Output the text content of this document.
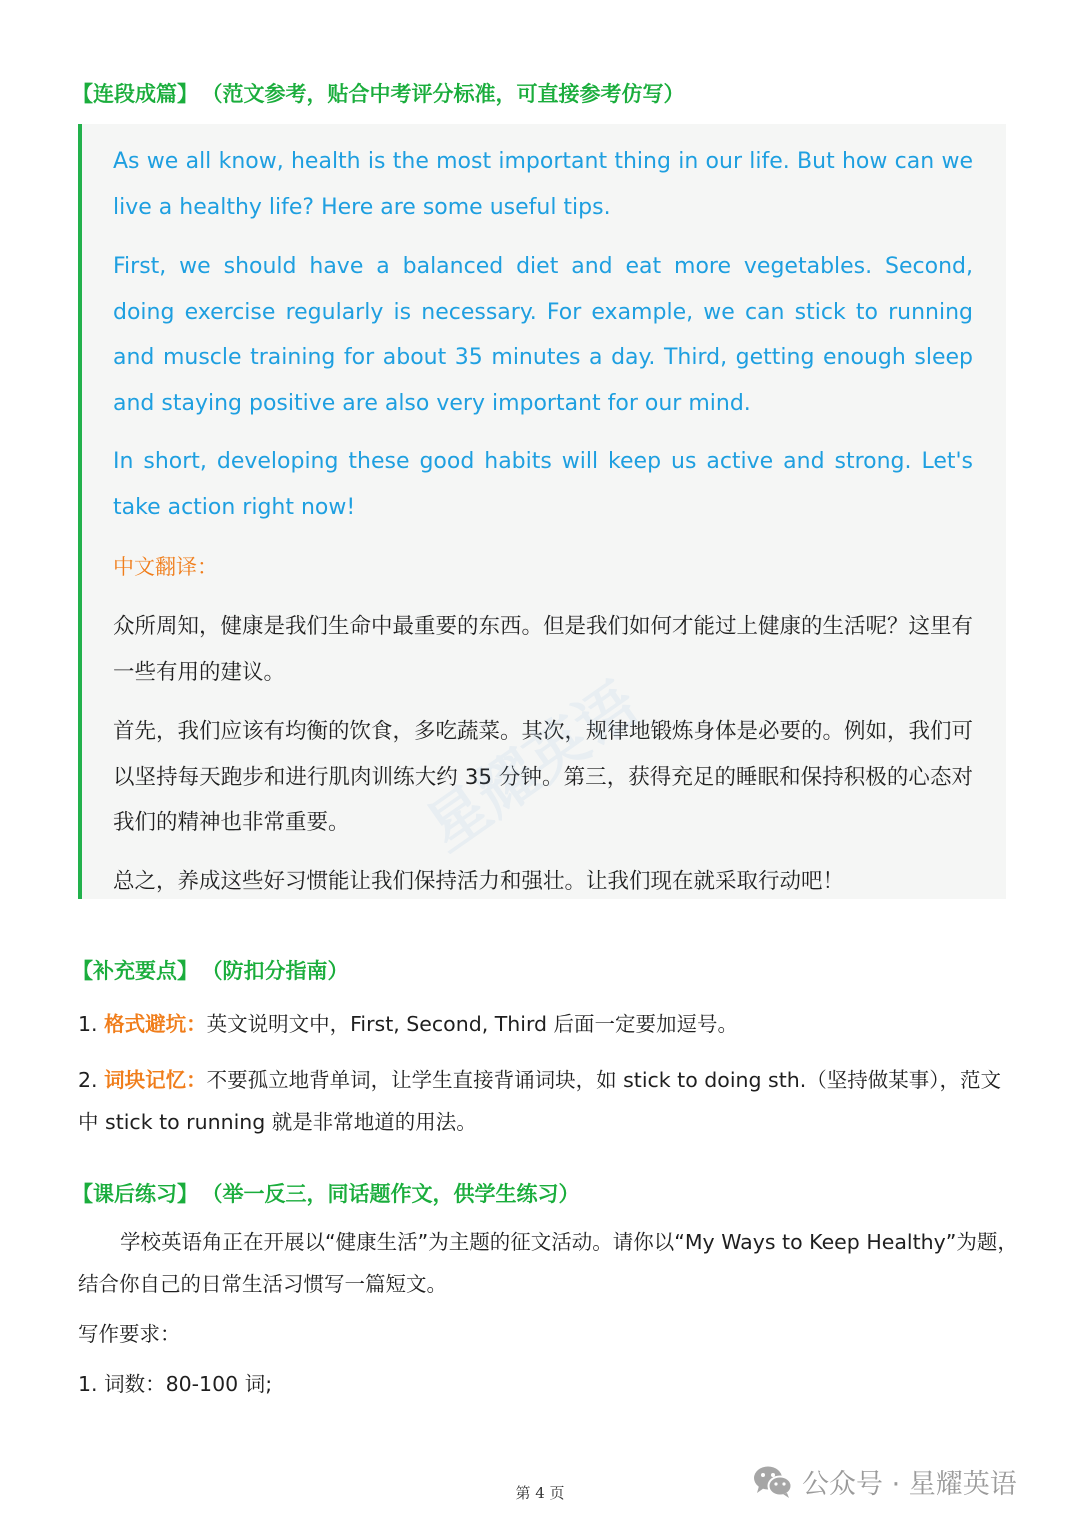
【连段成篇】 （范文参考，贴合中考评分标准，可直接参考仿写）

As we all know, health is the most important thing in our life. But how can we live a healthy life? Here are some useful tips.

First, we should have a balanced diet and eat more vegetables. Second, doing exercise regularly is necessary. For example, we can stick to running and muscle training for about 35 minutes a day. Third, getting enough sleep and staying positive are also very important for our mind.

In short, developing these good habits will keep us active and strong. Let's take action right now!

中文翻译：

众所周知，健康是我们生命中最重要的东西。但是我们如何才能过上健康的生活呢？这里有一些有用的建议。

首先，我们应该有均衡的饮食，多吃蔬菜。其次，规律地锻炼身体是必要的。例如，我们可以坚持每天跑步和进行肌肉训练大约 35 分钟。第三，获得充足的睡眠和保持积极的心态对我们的精神也非常重要。

总之，养成这些好习惯能让我们保持活力和强壮。让我们现在就采取行动吧！

【补充要点】 （防扣分指南）

1. 格式避坑：英文说明文中，First, Second, Third 后面一定要加逗号。

2. 词块记忆：不要孤立地背单词，让学生直接背诵词块，如 stick to doing sth.（坚持做某事），范文中 stick to running 就是非常地道的用法。

【课后练习】 （举一反三，同话题作文，供学生练习）

学校英语角正在开展以“健康生活”为主题的征文活动。请你以“My Ways to Keep Healthy”为题，结合你自己的日常生活习惯写一篇短文。

写作要求：

1. 词数：80-100 词;

第 4 页	公众号 · 星耀英语
